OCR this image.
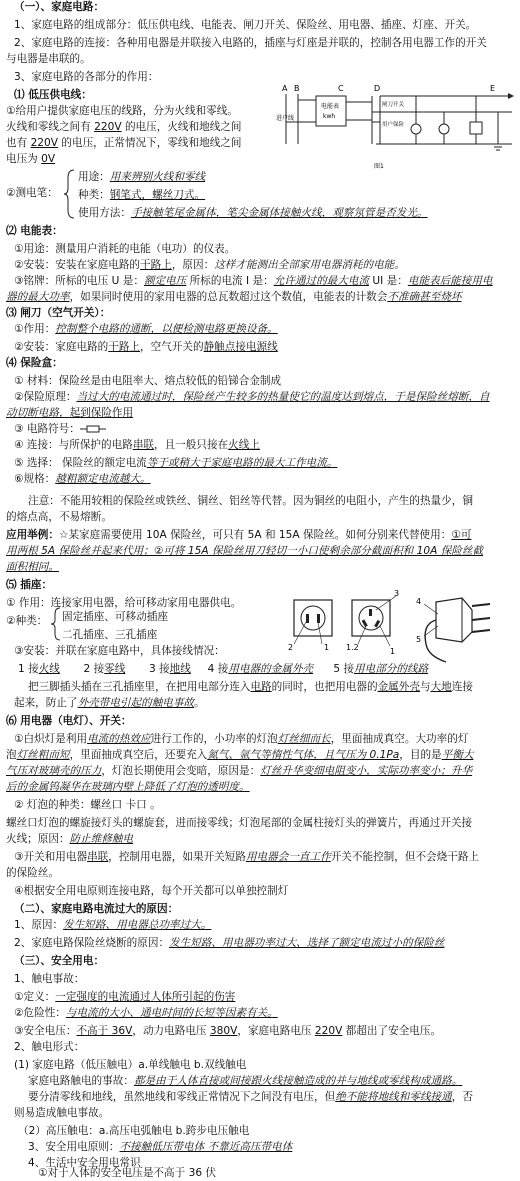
（一）、家庭电路：
1、家庭电路的组成部分：低压供电线、电能表、闸刀开关、保险丝、用电器、插座、灯座、开关。
2、家庭电路的连接：各种用电器是并联接入电路的，插座与灯座是并联的，控制各用电器工作的开关
与电器是串联的。
3、家庭电路的各部分的作用：
⑴ 低压供电线：
①给用户提供家庭电压的线路，分为火线和零线。
火线和零线之间有 220V 的电压，火线和地线之间
也有 220V 的电压，正常情况下，零线和地线之间
电压为 0V
②测电笔：
用途：用来辨别火线和零线
种类：钢笔式，螺丝刀式。
使用方法：手接触笔尾金属体，笔尖金属体接触火线，观察氖管是否发光。
A B	C	D	E
进户线
电能表
kwh
闸刀开关
用户保险
图1
⑵ 电能表：
①用途：测量用户消耗的电能（电功）的仪表。
②安装：安装在家庭电路的干路上，原因：这样才能测出全部家用电器消耗的电能。
③铭牌：所标的电压 U 是：额定电压 所标的电流 I 是：允许通过的最大电流 UI 是：电能表后能接用电
器的最大功率，如果同时使用的家用电器的总瓦数超过这个数值，电能表的计数会不准确甚至烧坏
⑶ 闸刀（空气开关）：
①作用：控制整个电路的通断，以便检测电路更换设备。
②安装：家庭电路的干路上，空气开关的静触点接电源线
⑷ 保险盒：
① 材料：保险丝是由电阻率大、熔点较低的铅锑合金制成
②保险原理：当过大的电流通过时，保险丝产生较多的热量使它的温度达到熔点，于是保险丝熔断，自
动切断电路，起到保险作用
③ 电路符号：
④ 连接：与所保护的电路串联，且一般只接在火线上
⑤ 选择： 保险丝的额定电流等于或稍大于家庭电路的最大工作电流。
⑥规格：越粗额定电流越大。
注意：不能用较粗的保险丝或铁丝、铜丝、铝丝等代替。因为铜丝的电阻小，产生的热量少，铜
的熔点高，不易熔断。
应用举例：☆某家庭需要使用 10A 保险丝，可只有 5A 和 15A 保险丝。如何分别来代替使用：①可
用两根 5A 保险丝并起来代用；②可将 15A 保险丝用刀轻切一小口使剩余部分截面积和 10A 保险丝截
面积相同。
⑸ 插座：
① 作用：连接家用电器，给可移动家用电器供电。
②种类：	固定插座、可移动插座
二孔插座、三孔插座
③安装：并联在家庭电路中，具体接线情况：	2	1
3
1
1.2
4
5
1 接火线 2 接零线 3 接地线 4 接用电器的金属外壳 5 接用电部分的线路
把三脚插头插在三孔插座里，在把用电部分连入电路的同时，也把用电器的金属外壳与大地连接
起来，防止了外壳带电引起的触电事故。
⑹ 用电器（电灯）、开关：
①白炽灯是利用电流的热效应进行工作的，小功率的灯泡灯丝细而长，里面抽成真空。大功率的灯
泡灯丝粗而短，里面抽成真空后，还要充入氮气、氩气等惰性气体，且气压为 0.1Pa，目的是平衡大
气压对玻璃壳的压力，灯泡长期使用会变暗，原因是：灯丝升华变细电阻变小，实际功率变小；升华
后的金属钨凝华在玻璃内壁上降低了灯泡的透明度。
② 灯泡的种类：螺丝口 卡口 。
螺丝口灯泡的螺旋接灯头的螺旋套，进而接零线；灯泡尾部的金属柱接灯头的弹簧片，再通过开关接
火线；原因：防止维修触电
③开关和用电器串联，控制用电器，如果开关短路用电器会一直工作开关不能控制，但不会烧干路上
的保险丝。
④根据安全用电原则连接电路，每个开关都可以单独控制灯
（二）、家庭电路电流过大的原因：
1、原因：发生短路、用电器总功率过大。
2、家庭电路保险丝烧断的原因：发生短路、用电器功率过大、选择了额定电流过小的保险丝
（三）、安全用电：
1、触电事故：
①定义：一定强度的电流通过人体所引起的伤害
②危险性：与电流的大小、通电时间的长短等因素有关。
③安全电压：不高于 36V，动力电路电压 380V，家庭电路电压 220V 都超出了安全电压。
2、触电形式：
(1) 家庭电路（低压触电）a.单线触电 b.双线触电
家庭电路触电的事故：都是由于人体直接或间接跟火线接触造成的并与地线或零线构成通路。
要分清零线和地线，虽然地线和零线正常情况下之间没有电压，但绝不能将地线和零线接通，否
则易造成触电事故。
（2）高压触电：a.高压电弧触电 b.跨步电压触电
3、安全用电原则：不接触低压带电体 不靠近高压带电体
4、生活中安全用电常识
①对于人体的安全电压是不高于 36 伏
